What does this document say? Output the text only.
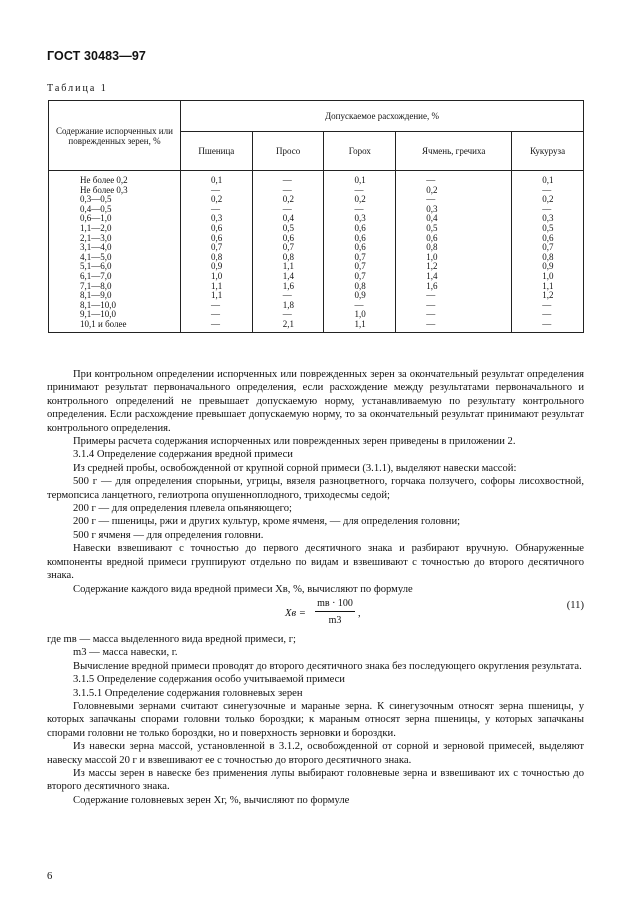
ГОСТ 30483—97
Таблица 1
Содержание испорченных или поврежденных зерен, %	Допускаемое расхождение, %				
	Пшеница	Просо	Горох	Ячмень, гречиха	Кукуруза
Не более 0,2	0,1	—	0,1	—	0,1
Не более 0,3	—	—	—	0,2	—
0,3—0,5	0,2	0,2	0,2	—	0,2
0,4—0,5	—	—	—	0,3	—
0,6—1,0	0,3	0,4	0,3	0,4	0,3
1,1—2,0	0,6	0,5	0,6	0,5	0,5
2,1—3,0	0,6	0,6	0,6	0,6	0,6
3,1—4,0	0,7	0,7	0,6	0,8	0,7
4,1—5,0	0,8	0,8	0,7	1,0	0,8
5,1—6,0	0,9	1,1	0,7	1,2	0,9
6,1—7,0	1,0	1,4	0,7	1,4	1,0
7,1—8,0	1,1	1,6	0,8	1,6	1,1
8,1—9,0	1,1	—	0,9	—	1,2
8,1—10,0	—	1,8	—	—	—
9,1—10,0	—	—	1,0	—	—
10,1 и более	—	2,1	1,1	—	—

При контрольном определении испорченных или поврежденных зерен за окончательный результат определения принимают результат первоначального определения, если расхождение между результатами первоначального и контрольного определений не превышает допускаемую норму, устанавливаемую по результату контрольного определения. Если расхождение превышает допускаемую норму, то за окончательный результат принимают результат контрольного определения.

Примеры расчета содержания испорченных или поврежденных зерен приведены в приложении 2.

3.1.4 Определение содержания вредной примеси

Из средней пробы, освобожденной от крупной сорной примеси (3.1.1), выделяют навески массой:

500 г — для определения спорыньи, угрицы, вязеля разноцветного, горчака ползучего, софоры лисохвостной, термопсиса ланцетного, гелиотропа опушенноплодного, триходесмы седой;

200 г — для определения плевела опьяняющего;

200 г — пшеницы, ржи и других культур, кроме ячменя, — для определения головни;

500 г ячменя — для определения головни.

Навески взвешивают с точностью до первого десятичного знака и разбирают вручную. Обнаруженные компоненты вредной примеси группируют отдельно по видам и взвешивают с точностью до второго десятичного знака.

Содержание каждого вида вредной примеси Xв, %, вычисляют по формуле

Xв =
mв · 100
m3
,
(11)

где mв — масса выделенного вида вредной примеси, г;

m3 — масса навески, г.

Вычисление вредной примеси проводят до второго десятичного знака без последующего округления результата.

3.1.5 Определение содержания особо учитываемой примеси

3.1.5.1 Определение содержания головневых зерен

Головневыми зернами считают синегузочные и мараные зерна. К синегузочным относят зерна пшеницы, у которых запачканы спорами головни только бороздки; к мараным относят зерна пшеницы, у которых запачканы спорами головни не только бороздки, но и поверхность зерновки и бороздки.

Из навески зерна массой, установленной в 3.1.2, освобожденной от сорной и зерновой примесей, выделяют навеску массой 20 г и взвешивают ее с точностью до второго десятичного знака.

Из массы зерен в навеске без применения лупы выбирают головневые зерна и взвешивают их с точностью до второго десятичного знака.

Содержание головневых зерен Xг, %, вычисляют по формуле

6
